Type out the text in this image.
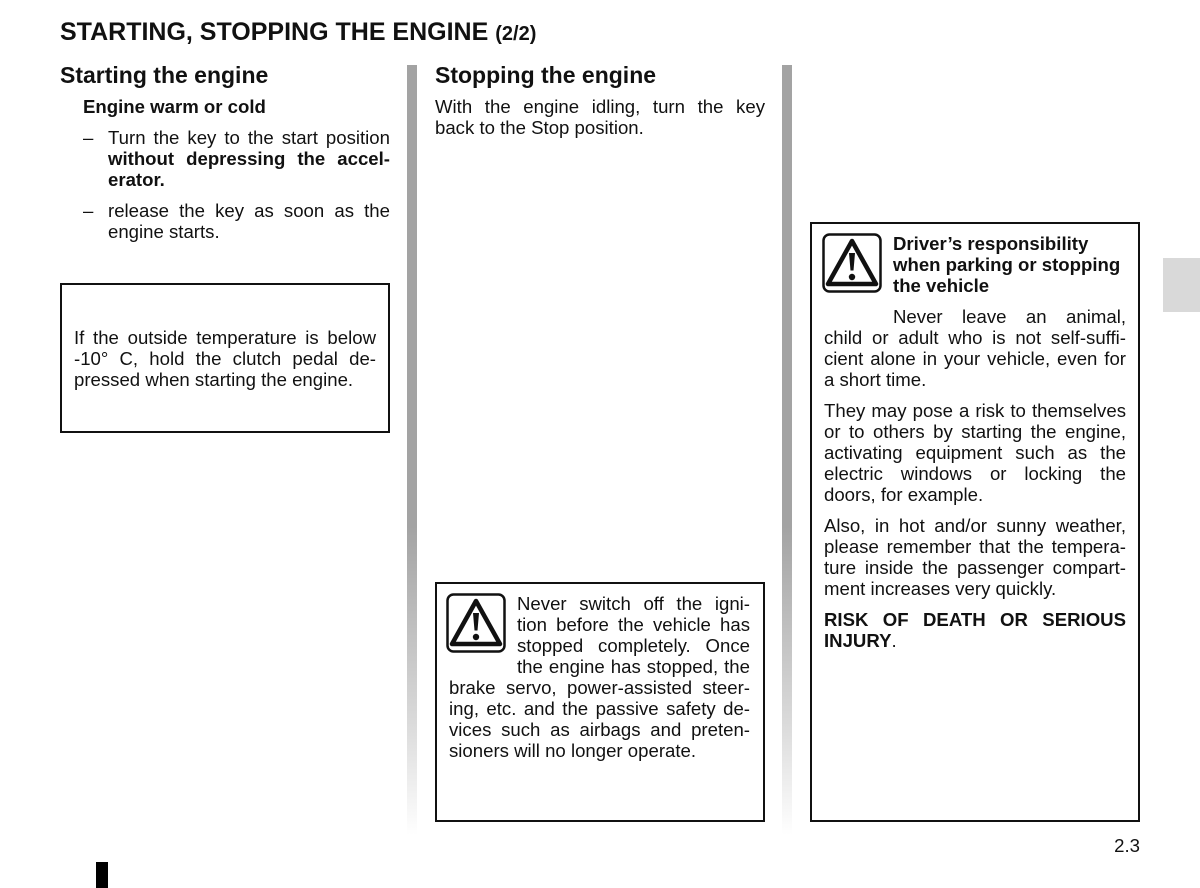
STARTING, STOPPING THE ENGINE (2/2)
Starting the engine
Engine warm or cold
– Turn the key to the start position
without depressing the accel-
erator.
– release the key as soon as the
engine starts.
If the outside temperature is below
-10° C, hold the clutch pedal de-
pressed when starting the engine.
Stopping the engine
With the engine idling, turn the key
back to the Stop position.
Never switch off the igni-
tion before the vehicle has
stopped completely. Once
the engine has stopped, the
brake servo, power-assisted steer-
ing, etc. and the passive safety de-
vices such as airbags and preten-
sioners will no longer operate.
Driver’s responsibility
when parking or stopping
the vehicle
Never leave an animal,
child or adult who is not self-suffi-
cient alone in your vehicle, even for
a short time.
They may pose a risk to themselves
or to others by starting the engine,
activating equipment such as the
electric windows or locking the
doors, for example.
Also, in hot and/or sunny weather,
please remember that the tempera-
ture inside the passenger compart-
ment increases very quickly.
RISK OF DEATH OR SERIOUS
INJURY.
2.3
